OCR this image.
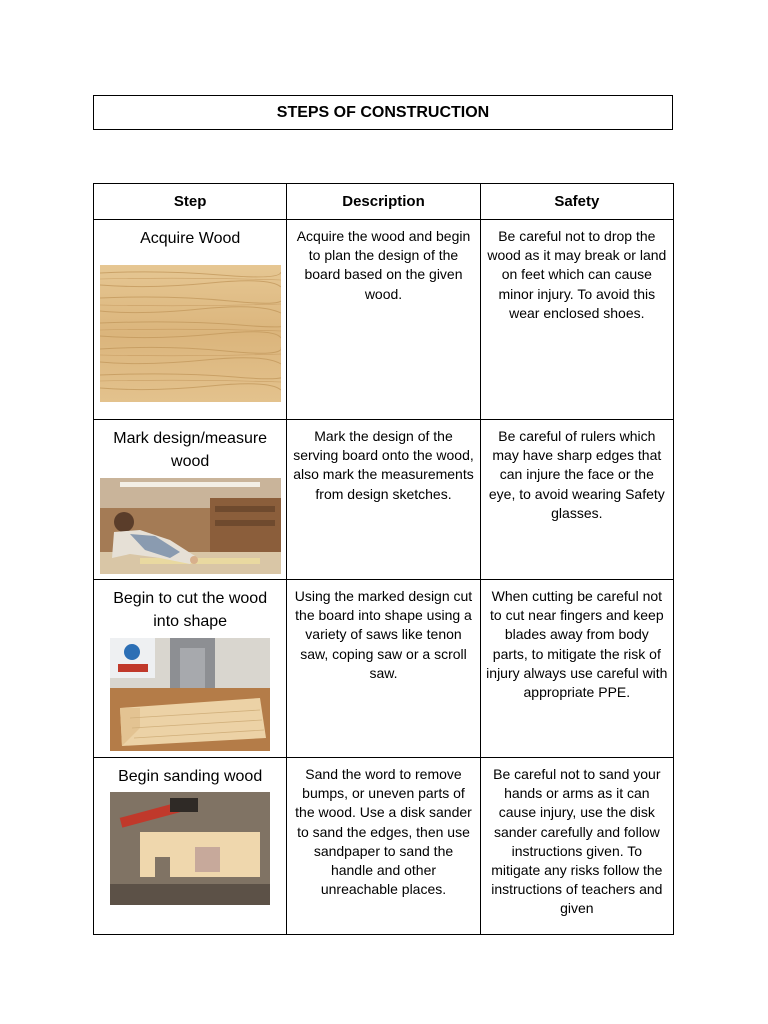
STEPS OF CONSTRUCTION
Step	Description	Safety

Acquire Wood	Acquire the wood and begin to plan the design of the board based on the given wood.	Be careful not to drop the wood as it may break or land on feet which can cause minor injury. To avoid this wear enclosed shoes.

Mark design/measure wood	Mark the design of the serving board onto the wood, also mark the measurements from design sketches.	Be careful of rulers which may have sharp edges that can injure the face or the eye, to avoid wearing Safety glasses.

Begin to cut the wood into shape	Using the marked design cut the board into shape using a variety of saws like tenon saw, coping saw or a scroll saw.	When cutting be careful not to cut near fingers and keep blades away from body parts, to mitigate the risk of injury always use careful with appropriate PPE.

Begin sanding wood	Sand the word to remove bumps, or uneven parts of the wood. Use a disk sander to sand the edges, then use sandpaper to sand the handle and other unreachable places.	Be careful not to sand your hands or arms as it can cause injury, use the disk sander carefully and follow instructions given. To mitigate any risks follow the instructions of teachers and given
